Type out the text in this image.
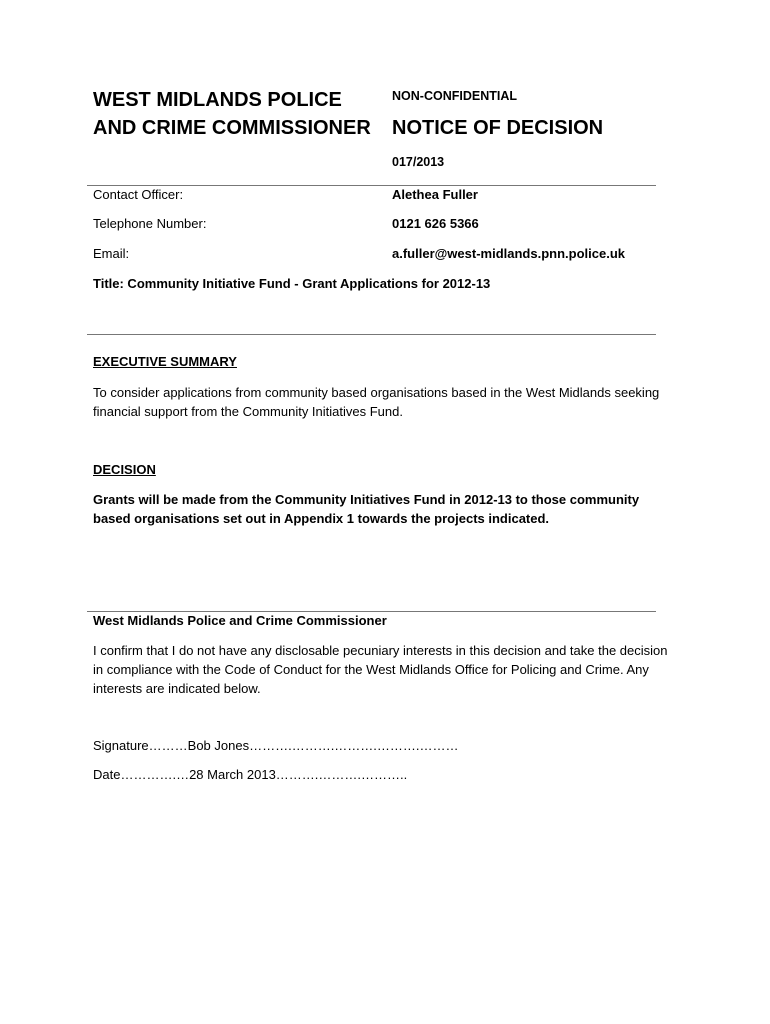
WEST MIDLANDS POLICE AND CRIME COMMISSIONER
NON-CONFIDENTIAL
NOTICE OF DECISION
017/2013
Contact Officer:	Alethea Fuller
Telephone Number:	0121 626 5366
Email:	a.fuller@west-midlands.pnn.police.uk
Title: Community Initiative Fund - Grant Applications for 2012-13
EXECUTIVE SUMMARY
To consider applications from community based organisations based in the West Midlands seeking financial support from the Community Initiatives Fund.
DECISION
Grants will be made from the Community Initiatives Fund in 2012-13 to those community based organisations set out in Appendix 1 towards the projects indicated.
West Midlands Police and Crime Commissioner
I confirm that I do not have any disclosable pecuniary interests in this decision and take the decision in compliance with the Code of Conduct for the West Midlands Office for Policing and Crime. Any interests are indicated below.
Signature………Bob Jones……….……….……….……….………
Date………….…28 March 2013……….……….………..
